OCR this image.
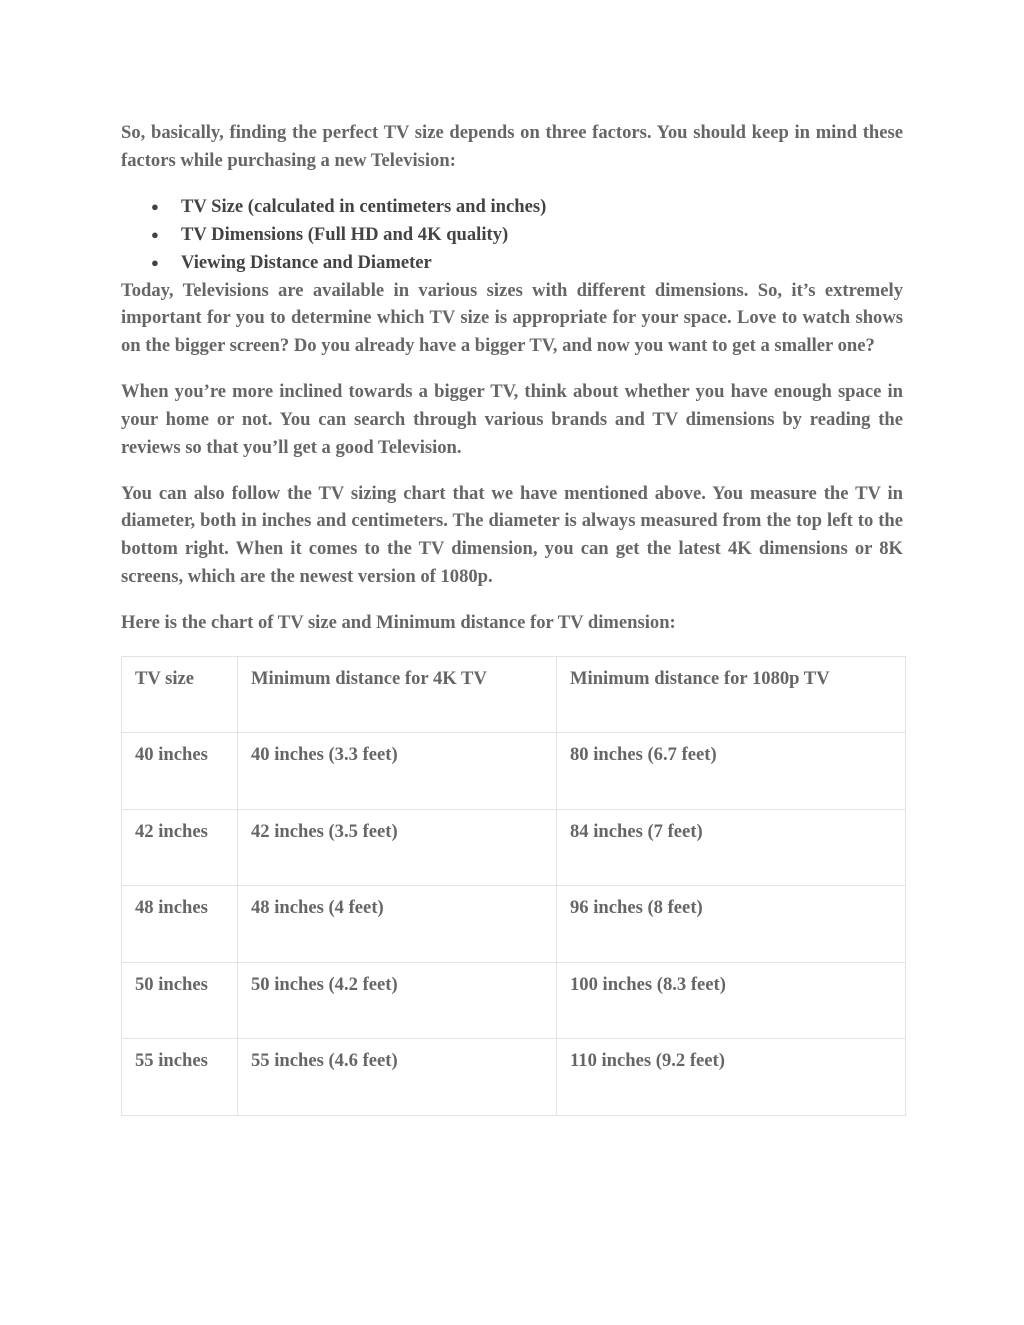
So, basically, finding the perfect TV size depends on three factors. You should keep in mind these factors while purchasing a new Television:

● TV Size (calculated in centimeters and inches)
● TV Dimensions (Full HD and 4K quality)
● Viewing Distance and Diameter

Today, Televisions are available in various sizes with different dimensions. So, it’s extremely important for you to determine which TV size is appropriate for your space. Love to watch shows on the bigger screen? Do you already have a bigger TV, and now you want to get a smaller one?

When you’re more inclined towards a bigger TV, think about whether you have enough space in your home or not. You can search through various brands and TV dimensions by reading the reviews so that you’ll get a good Television.

You can also follow the TV sizing chart that we have mentioned above. You measure the TV in diameter, both in inches and centimeters. The diameter is always measured from the top left to the bottom right. When it comes to the TV dimension, you can get the latest 4K dimensions or 8K screens, which are the newest version of 1080p.

Here is the chart of TV size and Minimum distance for TV dimension:

TV size	Minimum distance for 4K TV	Minimum distance for 1080p TV
40 inches	40 inches (3.3 feet)	80 inches (6.7 feet)
42 inches	42 inches (3.5 feet)	84 inches (7 feet)
48 inches	48 inches (4 feet)	96 inches (8 feet)
50 inches	50 inches (4.2 feet)	100 inches (8.3 feet)
55 inches	55 inches (4.6 feet)	110 inches (9.2 feet)
